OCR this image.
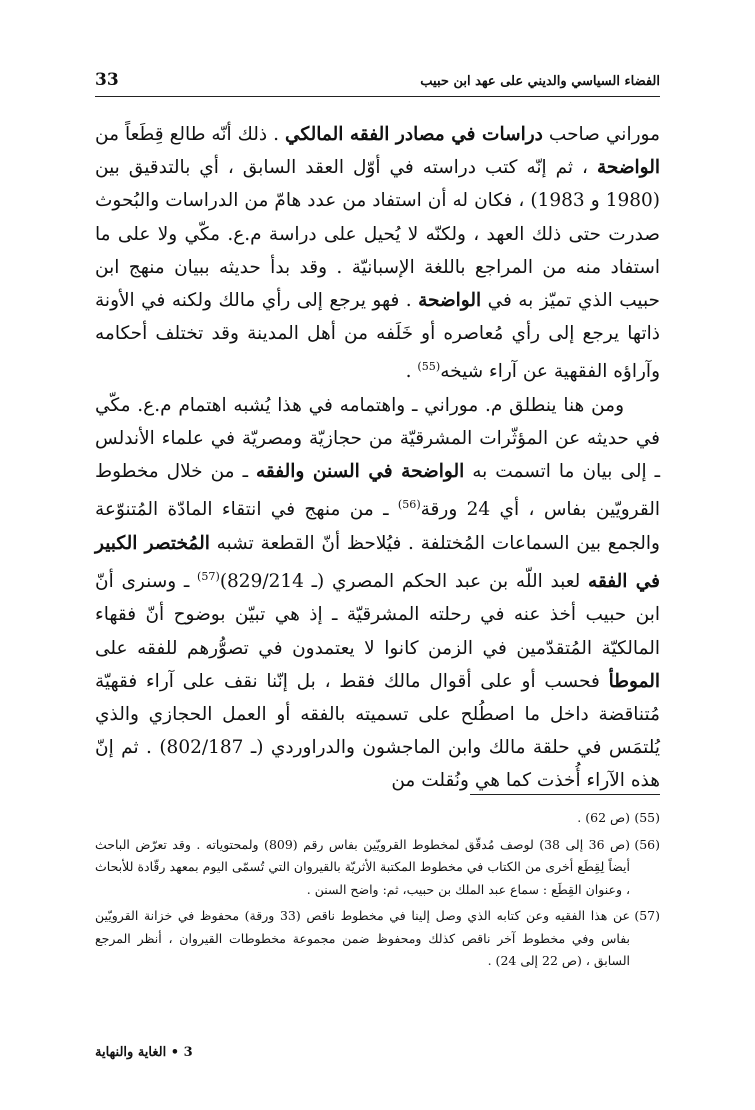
33	الفضاء السياسي والديني على عهد ابن حبيب

موراني صاحب دراسات في مصادر الفقه المالكي . ذلك أنّه طالع قِطَعاً من الواضحة ، ثم إنّه كتب دراسته في أوّل العقد السابق ، أي بالتدقيق بين (1980 و 1983) ، فكان له أن استفاد من عدد هامّ من الدراسات والبُحوث صدرت حتى ذلك العهد ، ولكنّه لا يُحيل على دراسة م.ع. مكّي ولا على ما استفاد منه من المراجع باللغة الإسبانيّة . وقد بدأ حديثه ببيان منهج ابن حبيب الذي تميّز به في الواضحة . فهو يرجع إلى رأي مالك ولكنه في الأونة ذاتها يرجع إلى رأي مُعاصره أو خَلَفه من أهل المدينة وقد تختلف أحكامه وآراؤه الفقهية عن آراء شيخه$^{(55)}$ .

ومن هنا ينطلق م. موراني ـ واهتمامه في هذا يُشبه اهتمام م.ع. مكّي في حديثه عن المؤثّرات المشرقيّة من حجازيّة ومصريّة في علماء الأندلس ـ إلى بيان ما اتسمت به الواضحة في السنن والفقه ـ من خلال مخطوط القرويّين بفاس ، أي 24 ورقة$^{(56)}$ ـ من منهج في انتقاء المادّة المُتنوّعة والجمع بين السماعات المُختلفة . فيُلاحظ أنّ القطعة تشبه المُختصر الكبير في الفقه لعبد اللّه بن عبد الحكم المصري (ـ 829/214)$^{(57)}$ ـ وسنرى أنّ ابن حبيب أخذ عنه في رحلته المشرقيّة ـ إذ هي تبيّن بوضوح أنّ فقهاء المالكيّة المُتقدّمين في الزمن كانوا لا يعتمدون في تصوُّرهم للفقه على الموطأ فحسب أو على أقوال مالك فقط ، بل إنّنا نقف على آراء فقهيّة مُتناقضة داخل ما اصطُلح على تسميته بالفقه أو العمل الحجازي والذي يُلتمَس في حلقة مالك وابن الماجشون والدراوردي (ـ 802/187) . ثم إنّ هذه الآراء أُخذت كما هي ونُقلت من

(55)
(ص 62) .

(56)
(ص 36 إلى 38) لوصف مُدقّق لمخطوط القرويّين بفاس رقم (809) ولمحتوياته . وقد تعرّض الباحث أيضاً لِقِطَع أخرى من الكتاب في مخطوط المكتبة الأثريّة بالقيروان التي تُسمّى اليوم بمعهد رقّادة للأبحاث ، وعنوان القِطَع : سماع عبد الملك بن حبيب، ثم: واضح السنن .

(57)
عن هذا الفقيه وعن كتابه الذي وصل إلينا في مخطوط ناقص (33 ورقة) محفوظ في خزانة القرويّين بفاس وفي مخطوط آخر ناقص كذلك ومحفوظ ضمن مجموعة مخطوطات القيروان ، أنظر المرجع السابق ، (ص 22 إلى 24) .

3 • الغاية والنهاية
